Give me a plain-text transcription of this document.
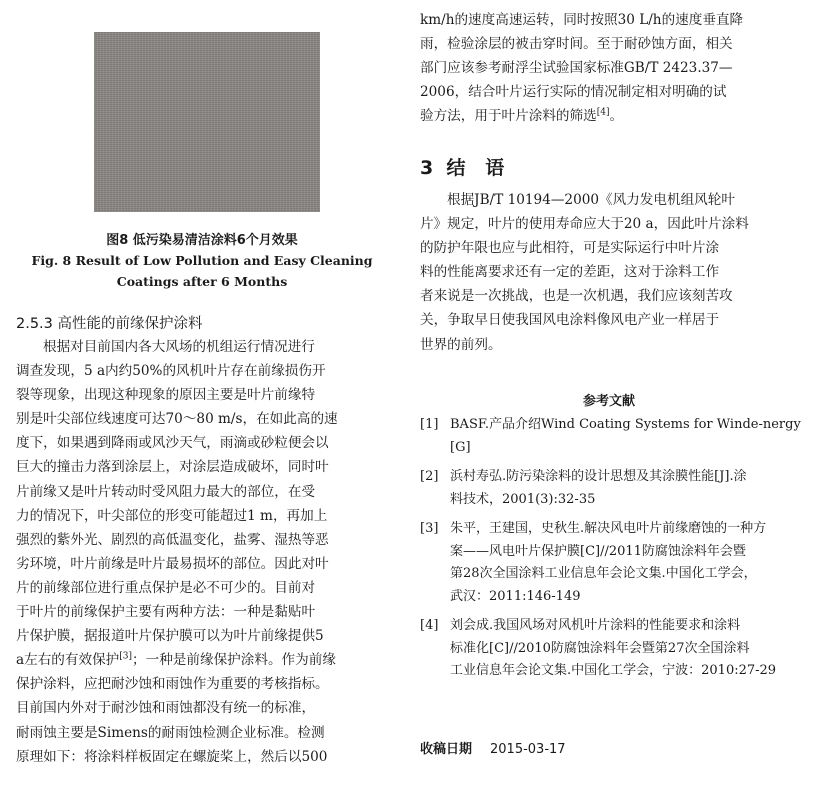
图8 低污染易清洁涂料6个月效果
Fig. 8 Result of Low Pollution and Easy Cleaning
Coatings after 6 Months
2.5.3 高性能的前缘保护涂料
根据对目前国内各大风场的机组运行情况进行
调查发现，5 a内约50%的风机叶片存在前缘损伤开
裂等现象，出现这种现象的原因主要是叶片前缘特
别是叶尖部位线速度可达70～80 m/s，在如此高的速
度下，如果遇到降雨或风沙天气，雨滴或砂粒便会以
巨大的撞击力落到涂层上，对涂层造成破坏，同时叶
片前缘又是叶片转动时受风阻力最大的部位，在受
力的情况下，叶尖部位的形变可能超过1 m，再加上
强烈的紫外光、剧烈的高低温变化，盐雾、湿热等恶
劣环境，叶片前缘是叶片最易损坏的部位。因此对叶
片的前缘部位进行重点保护是必不可少的。目前对
于叶片的前缘保护主要有两种方法：一种是黏贴叶
片保护膜，据报道叶片保护膜可以为叶片前缘提供5
a左右的有效保护[3]；一种是前缘保护涂料。作为前缘
保护涂料，应把耐沙蚀和雨蚀作为重要的考核指标。
目前国内外对于耐沙蚀和雨蚀都没有统一的标准，
耐雨蚀主要是Simens的耐雨蚀检测企业标准。检测
原理如下：将涂料样板固定在螺旋桨上，然后以500
km/h的速度高速运转，同时按照30 L/h的速度垂直降
雨，检验涂层的被击穿时间。至于耐砂蚀方面，相关
部门应该参考耐浮尘试验国家标准GB/T 2423.37—
2006，结合叶片运行实际的情况制定相对明确的试
验方法，用于叶片涂料的筛选[4]。
3  结   语
根据JB/T 10194—2000《风力发电机组风轮叶
片》规定，叶片的使用寿命应大于20 a，因此叶片涂料
的防护年限也应与此相符，可是实际运行中叶片涂
料的性能离要求还有一定的差距，这对于涂料工作
者来说是一次挑战，也是一次机遇，我们应该刻苦攻
关，争取早日使我国风电涂料像风电产业一样居于
世界的前列。
参考文献
[1] BASF.产品介绍Wind Coating Systems for Winde-nergy
[G]
[2] 浜村寿弘.防污染涂料的设计思想及其涂膜性能[J].涂
料技术，2001(3):32-35
[3] 朱平，王建国，史秋生.解决风电叶片前缘磨蚀的一种方
案——风电叶片保护膜[C]//2011防腐蚀涂料年会暨
第28次全国涂料工业信息年会论文集.中国化工学会，
武汉：2011:146-149
[4] 刘会成.我国风场对风机叶片涂料的性能要求和涂料
标准化[C]//2010防腐蚀涂料年会暨第27次全国涂料
工业信息年会论文集.中国化工学会，宁波：2010:27-29
收稿日期 2015-03-17
